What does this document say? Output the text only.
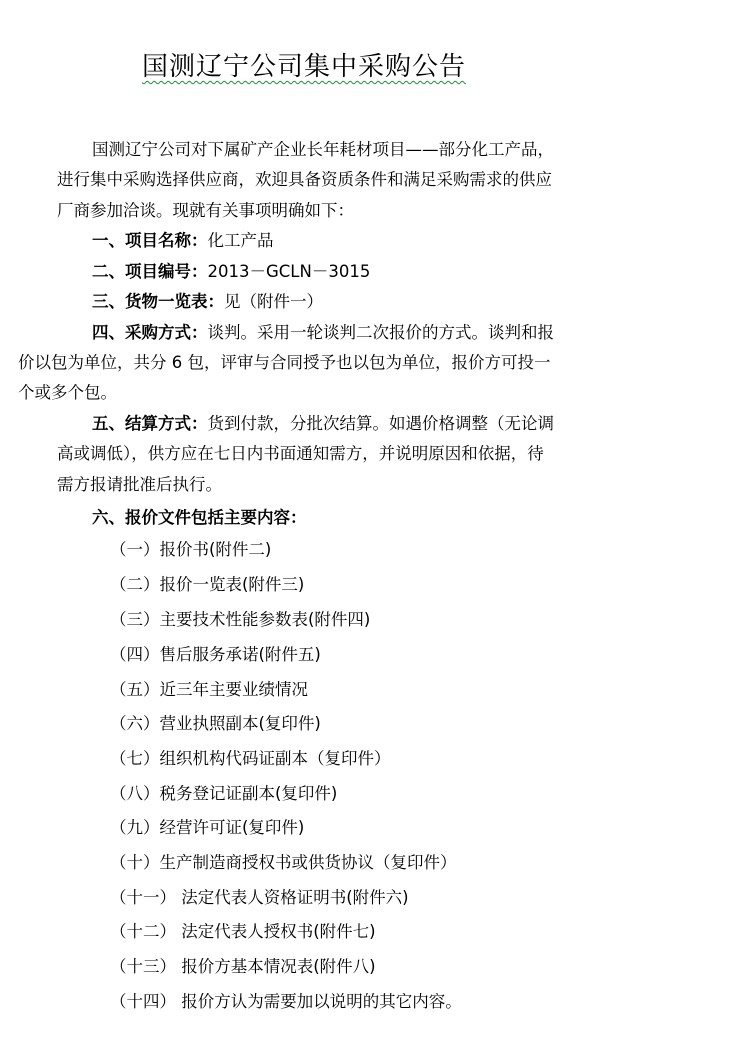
国测辽宁公司集中采购公告
国测辽宁公司对下属矿产企业长年耗材项目——部分化工产品，
进行集中采购选择供应商，欢迎具备资质条件和满足采购需求的供应
厂商参加洽谈。现就有关事项明确如下：
一、项目名称：化工产品
二、项目编号：2013－GCLN－3015
三、货物一览表：见（附件一）
四、采购方式：谈判。采用一轮谈判二次报价的方式。谈判和报
价以包为单位，共分 6 包，评审与合同授予也以包为单位，报价方可投一
个或多个包。
五、结算方式：货到付款，分批次结算。如遇价格调整（无论调
高或调低），供方应在七日内书面通知需方，并说明原因和依据，待
需方报请批准后执行。
六、报价文件包括主要内容：
（一）报价书(附件二)
（二）报价一览表(附件三)
（三）主要技术性能参数表(附件四)
（四）售后服务承诺(附件五)
（五）近三年主要业绩情况
（六）营业执照副本(复印件)
（七）组织机构代码证副本（复印件）
（八）税务登记证副本(复印件)
（九）经营许可证(复印件)
（十）生产制造商授权书或供货协议（复印件）
（十一） 法定代表人资格证明书(附件六)
（十二） 法定代表人授权书(附件七)
（十三） 报价方基本情况表(附件八)
（十四） 报价方认为需要加以说明的其它内容。
